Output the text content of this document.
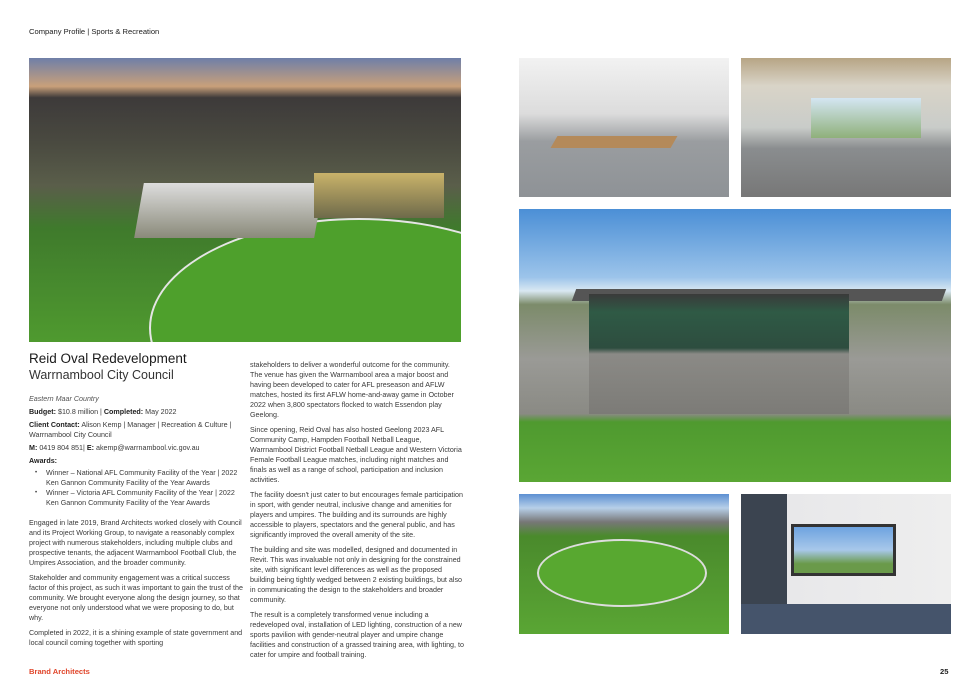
Company Profile | Sports & Recreation
Reid Oval Redevelopment
Warrnambool City Council
Eastern Maar Country
Budget: $10.8 million | Completed: May 2022
Client Contact: Alison Kemp | Manager | Recreation & Culture | Warrnambool City Council
M: 0419 804 851| E: akemp@warrnambool.vic.gov.au
Awards:
• Winner – National AFL Community Facility of the Year | 2022 Ken Gannon Community Facility of the Year Awards
• Winner – Victoria AFL Community Facility of the Year | 2022 Ken Gannon Community Facility of the Year Awards

Engaged in late 2019, Brand Architects worked closely with Council and its Project Working Group, to navigate a reasonably complex project with numerous stakeholders, including multiple clubs and prospective tenants, the adjacent Warrnambool Football Club, the Umpires Association, and the broader community.

Stakeholder and community engagement was a critical success factor of this project, as such it was important to gain the trust of the community. We brought everyone along the design journey, so that everyone not only understood what we were proposing to do, but why.

Completed in 2022, it is a shining example of state government and local council coming together with sporting

stakeholders to deliver a wonderful outcome for the community. The venue has given the Warrnambool area a major boost and having been developed to cater for AFL preseason and AFLW matches, hosted its first AFLW home-and-away game in October 2022 when 3,800 spectators flocked to watch Essendon play Geelong.

Since opening, Reid Oval has also hosted Geelong 2023 AFL Community Camp, Hampden Football Netball League, Warrnambool District Football Netball League and Western Victoria Female Football League matches, including night matches and finals as well as a range of school, participation and inclusion activities.

The facility doesn't just cater to but encourages female participation in sport, with gender neutral, inclusive change and amenities for players and umpires. The building and its surrounds are highly accessible to players, spectators and the general public, and has significantly improved the overall amenity of the site.

The building and site was modelled, designed and documented in Revit. This was invaluable not only in designing for the constrained site, with significant level differences as well as the proposed building being tightly wedged between 2 existing buildings, but also in communicating the design to the stakeholders and broader community.

The result is a completely transformed venue including a redeveloped oval, installation of LED lighting, construction of a new sports pavilion with gender-neutral player and umpire change facilities and construction of a grassed training area, with lighting, to cater for umpire and football training.

Brand Architects	25
